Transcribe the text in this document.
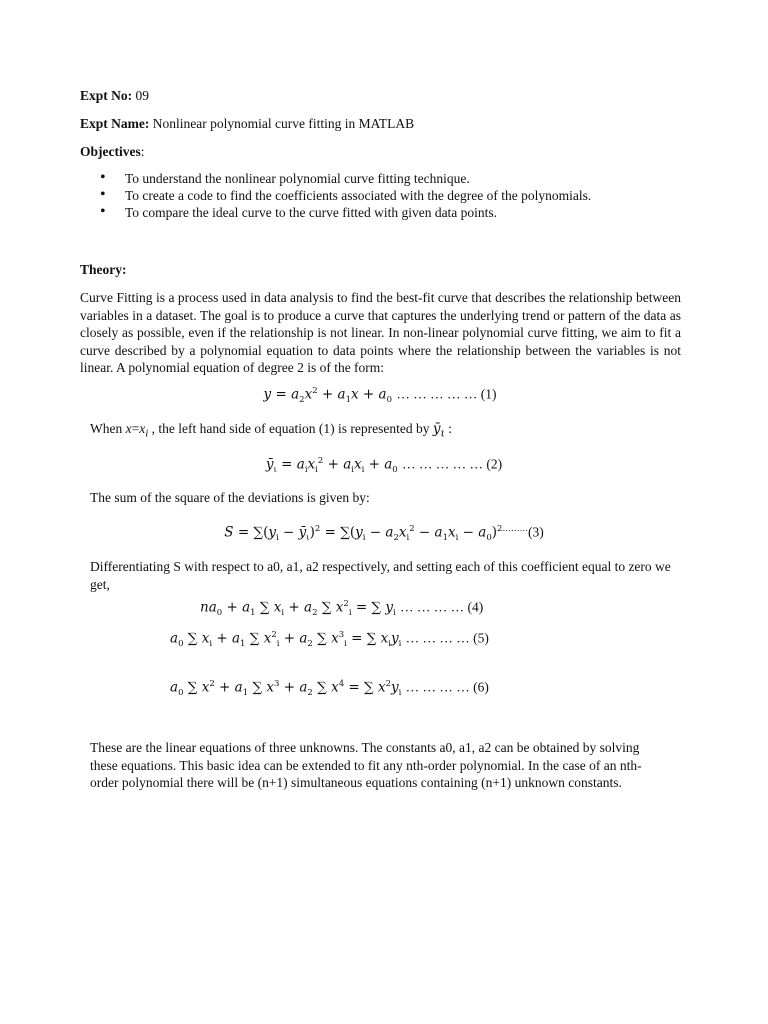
Expt No: 09
Expt Name: Nonlinear polynomial curve fitting in MATLAB
Objectives:
• To understand the nonlinear polynomial curve fitting technique.
• To create a code to find the coefficients associated with the degree of the polynomials.
• To compare the ideal curve to the curve fitted with given data points.
Theory:
Curve Fitting is a process used in data analysis to find the best-fit curve that describes the relationship between variables in a dataset. The goal is to produce a curve that captures the underlying trend or pattern of the data as closely as possible, even if the relationship is not linear. In non-linear polynomial curve fitting, we aim to fit a curve described by a polynomial equation to data points where the relationship between the variables is not linear. A polynomial equation of degree 2 is of the form:
$y = a_2x^2 + a_1x + a_0$ … … … … … (1)
When $x=x_i$ , the left hand side of equation (1) is represented by $ȳ_\iota$ :
$ȳ_\iota = a_ix_i^2 + a_ix_i + a_0$ … … … … … (2)
The sum of the square of the deviations is given by:
$S = \sum(y_i$ − $ȳ_\iota)^2 = \sum(y_i - a_2x_i^2 - a_1x_i - a_0)^{2\dots\dots\dots}(3)$
Differentiating S with respect to a0, a1, a2 respectively, and setting each of this coefficient equal to zero we get,
$na_0 + a_1$ ∑ $x_i + a_2$ ∑ $x^2_i$ = ∑ $y_i$ … … … … (4)
$a_0$ ∑ $x_i + a_1$ ∑ $x^2_i + a_2$ ∑ $x^3_i$ = ∑ $x_iy_i$ … … … … (5)
$a_0$ ∑ $x^2 + a_1$ ∑ $x^3 + a_2$ ∑ $x^4$ = ∑ $x^2y_i$ … … … … (6)
These are the linear equations of three unknowns. The constants a0, a1, a2 can be obtained by solving these equations. This basic idea can be extended to fit any nth-order polynomial. In the case of an nth-order polynomial there will be (n+1) simultaneous equations containing (n+1) unknown constants.
